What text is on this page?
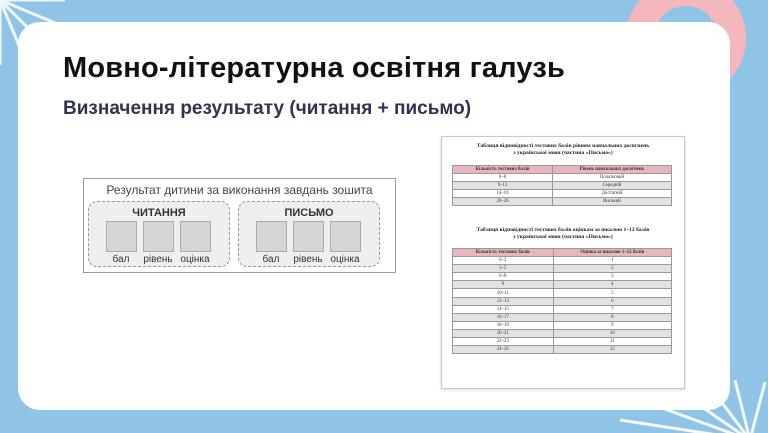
Мовно-літературна освітня галузь
Визначення результату (читання + письмо)
Результат дитини за виконання завдань зошита
ЧИТАННЯ
бал	рівень оцінка
ПИСЬМО
бал	рівень оцінка
Таблиця відповідності тестових балів рівням навчальних досягнень
з української мови (частина «Письмо»)
Кількість тестових балів	Рівень навчальних досягнень
0–8	Початковий
9–13	Середній
14–19	Достатній
20–26	Високий
Таблиця відповідності тестових балів оцінкам за шкалою 1–12 балів
з української мови (частина «Письмо»)
Кількість тестових балів	Оцінка за шкалою 1–12 балів
0–2	1
3–5	2
6–8	3
9	4
10–11	5
12–13	6
14–15	7
16–17	8
18–19	9
20–21	10
22–23	11
24–26	12
